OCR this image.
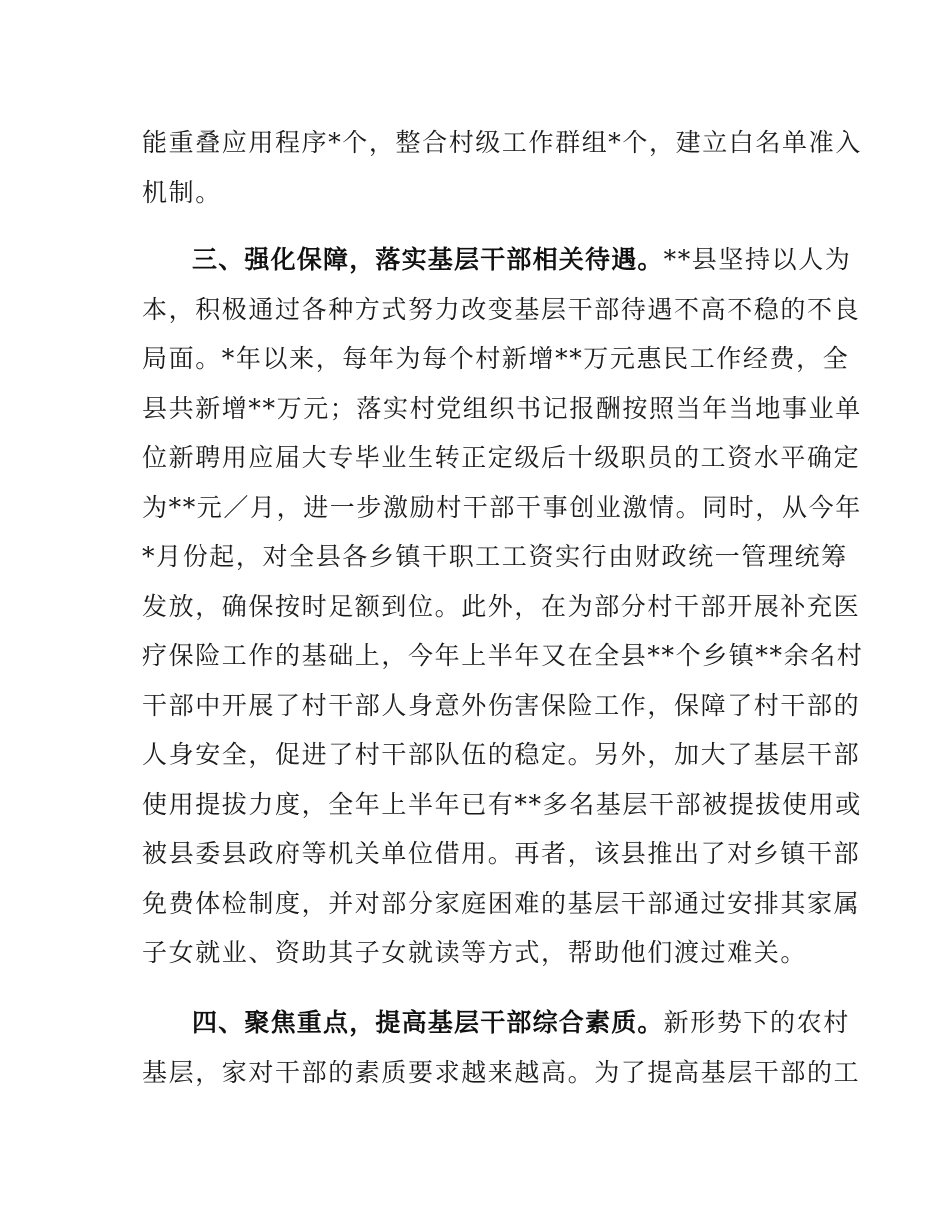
能重叠应用程序*个，整合村级工作群组*个，建立白名单准入
机制。
三、强化保障，落实基层干部相关待遇。**县坚持以人为
本，积极通过各种方式努力改变基层干部待遇不高不稳的不良
局面。*年以来，每年为每个村新增**万元惠民工作经费，全
县共新增**万元；落实村党组织书记报酬按照当年当地事业单
位新聘用应届大专毕业生转正定级后十级职员的工资水平确定
为**元／月，进一步激励村干部干事创业激情。同时，从今年
*月份起，对全县各乡镇干职工工资实行由财政统一管理统筹
发放，确保按时足额到位。此外，在为部分村干部开展补充医
疗保险工作的基础上，今年上半年又在全县**个乡镇**余名村
干部中开展了村干部人身意外伤害保险工作，保障了村干部的
人身安全，促进了村干部队伍的稳定。另外，加大了基层干部
使用提拔力度，全年上半年已有**多名基层干部被提拔使用或
被县委县政府等机关单位借用。再者，该县推出了对乡镇干部
免费体检制度，并对部分家庭困难的基层干部通过安排其家属
子女就业、资助其子女就读等方式，帮助他们渡过难关。
四、聚焦重点，提高基层干部综合素质。新形势下的农村
基层，家对干部的素质要求越来越高。为了提高基层干部的工
